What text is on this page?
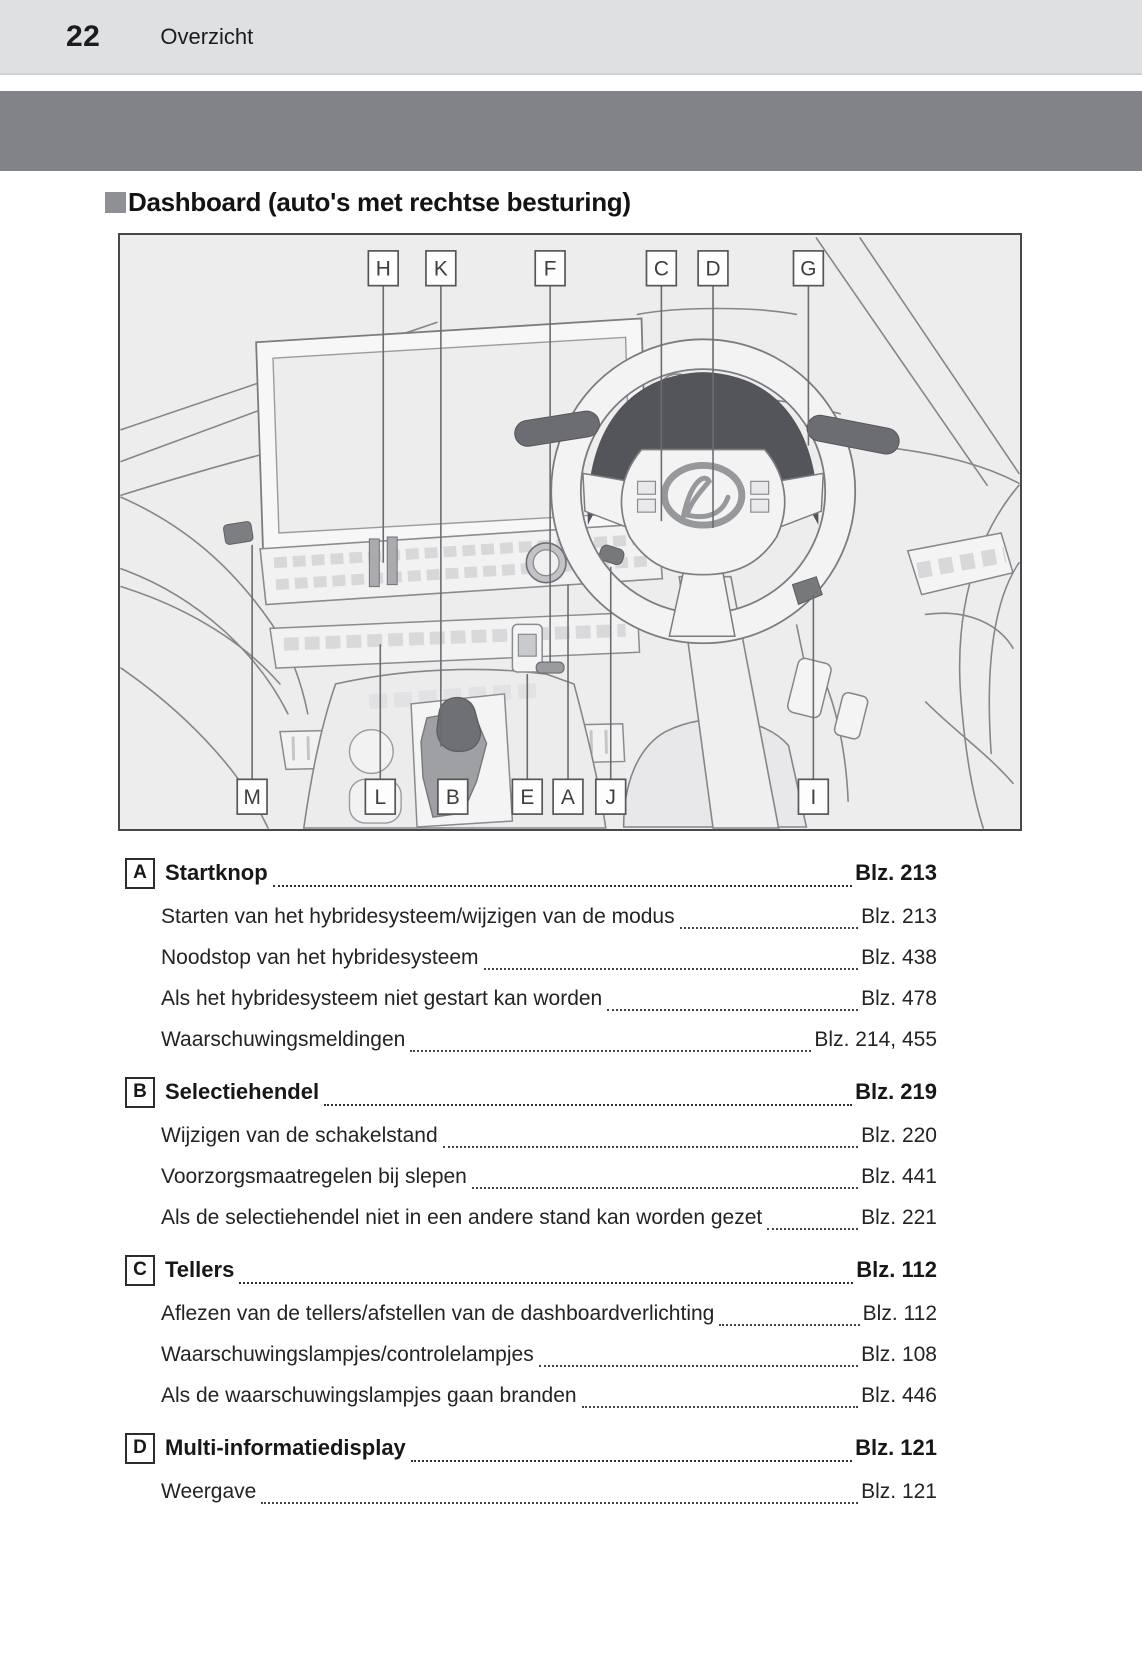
22	Overzicht
Dashboard (auto's met rechtse besturing)
H K	F	C D	G
M	L	B	E A J	I
A Startknop	Blz. 213
Starten van het hybridesysteem/wijzigen van de modus	Blz. 213
Noodstop van het hybridesysteem	Blz. 438
Als het hybridesysteem niet gestart kan worden	Blz. 478
Waarschuwingsmeldingen	Blz. 214, 455
B Selectiehendel	Blz. 219
Wijzigen van de schakelstand	Blz. 220
Voorzorgsmaatregelen bij slepen	Blz. 441
Als de selectiehendel niet in een andere stand kan worden gezet	Blz. 221
C Tellers	Blz. 112
Aflezen van de tellers/afstellen van de dashboardverlichting	Blz. 112
Waarschuwingslampjes/controlelampjes	Blz. 108
Als de waarschuwingslampjes gaan branden	Blz. 446
D Multi-informatiedisplay	Blz. 121
Weergave	Blz. 121
